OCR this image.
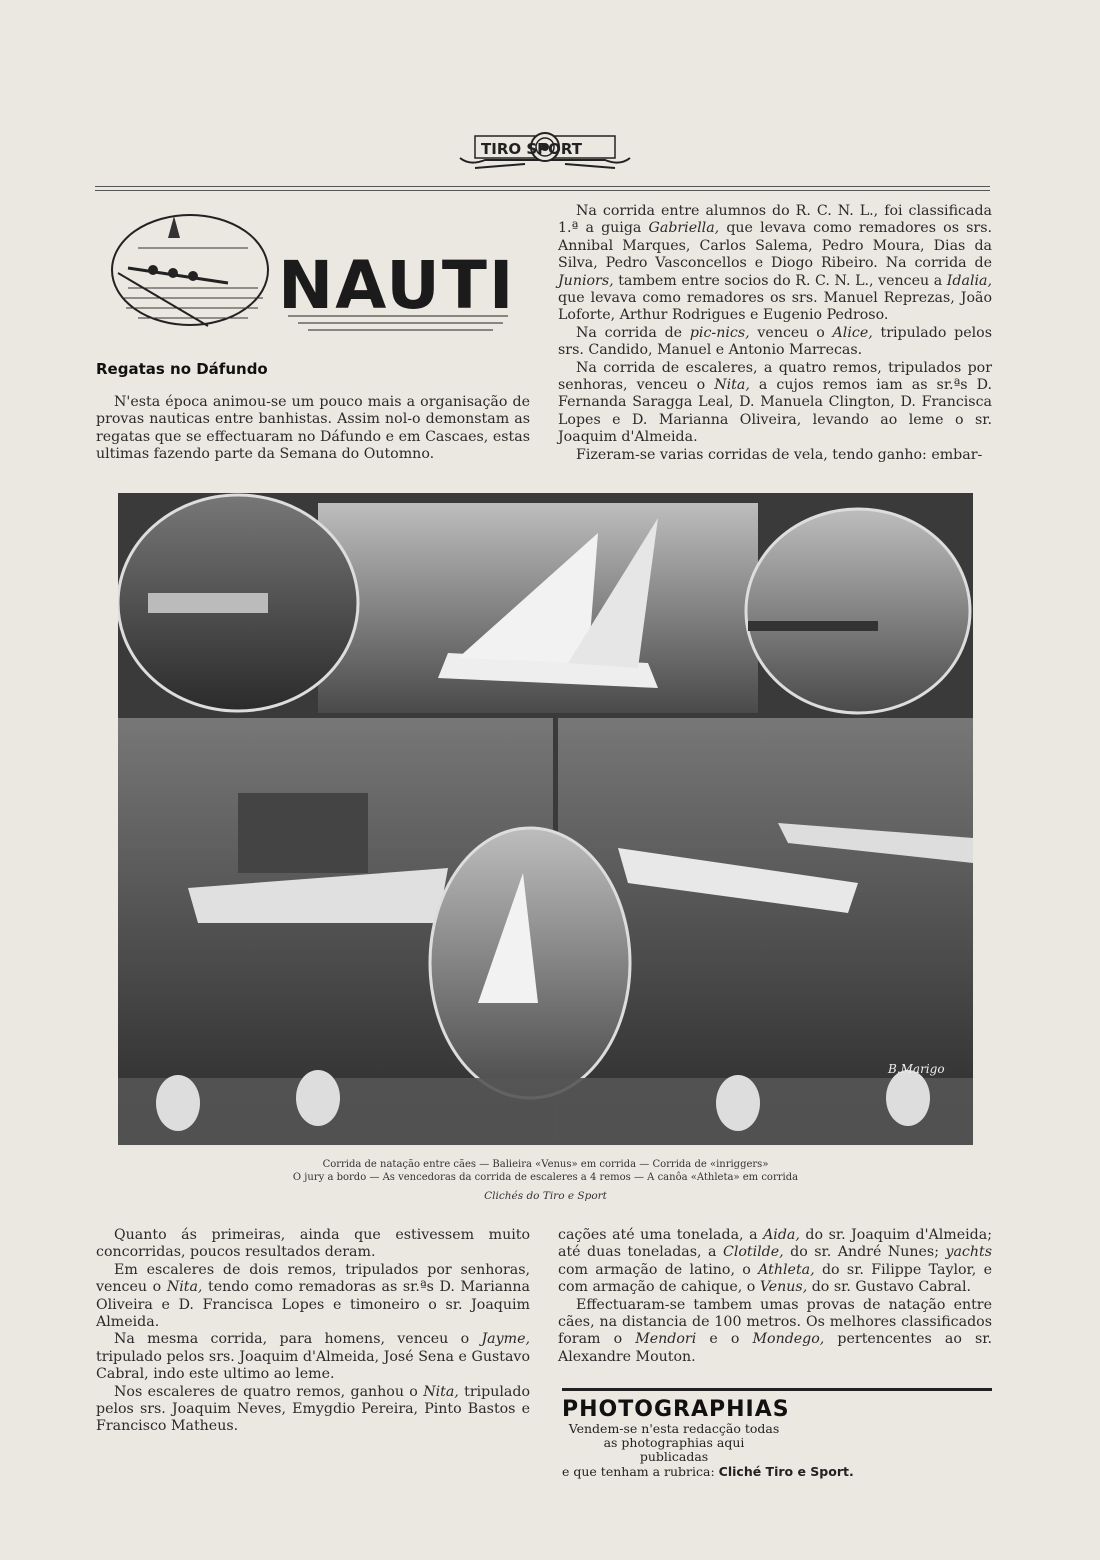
TIRO SPORT
NAUTI
Regatas no Dáfundo

N'esta época animou-se um pouco mais a organisação de provas nauticas entre banhistas. Assim nol-o demonstam as regatas que se effectuaram no Dáfundo e em Cascaes, estas ultimas fazendo parte da Semana do Outomno.

Na corrida entre alumnos do R. C. N. L., foi classificada 1.ª a guiga Gabriella, que levava como remadores os srs. Annibal Marques, Carlos Salema, Pedro Moura, Dias da Silva, Pedro Vasconcellos e Diogo Ribeiro. Na corrida de Juniors, tambem entre socios do R. C. N. L., venceu a Idalia, que levava como remadores os srs. Manuel Reprezas, João Loforte, Arthur Rodrigues e Eugenio Pedroso.

Na corrida de pic-nics, venceu o Alice, tripulado pelos srs. Candido, Manuel e Antonio Marrecas.

Na corrida de escaleres, a quatro remos, tripulados por senhoras, venceu o Nita, a cujos remos iam as sr.ªs D. Fernanda Saragga Leal, D. Manuela Clington, D. Francisca Lopes e D. Marianna Oliveira, levando ao leme o sr. Joaquim d'Almeida.

Fizeram-se varias corridas de vela, tendo ganho: embar-

B.Marigo
Corrida de natação entre cães — Balieira «Venus» em corrida — Corrida de «inriggers»
O jury a bordo — As vencedoras da corrida de escaleres a 4 remos — A canôa «Athleta» em corrida
Clichés do Tiro e Sport

Quanto ás primeiras, ainda que estivessem muito concorridas, poucos resultados deram.

Em escaleres de dois remos, tripulados por senhoras, venceu o Nita, tendo como remadoras as sr.ªs D. Marianna Oliveira e D. Francisca Lopes e timoneiro o sr. Joaquim Almeida.

Na mesma corrida, para homens, venceu o Jayme, tripulado pelos srs. Joaquim d'Almeida, José Sena e Gustavo Cabral, indo este ultimo ao leme.

Nos escaleres de quatro remos, ganhou o Nita, tripulado pelos srs. Joaquim Neves, Emygdio Pereira, Pinto Bastos e Francisco Matheus.

cações até uma tonelada, a Aida, do sr. Joaquim d'Almeida; até duas toneladas, a Clotilde, do sr. André Nunes; yachts com armação de latino, o Athleta, do sr. Filippe Taylor, e com armação de cahique, o Venus, do sr. Gustavo Cabral.

Effectuaram-se tambem umas provas de natação entre cães, na distancia de 100 metros. Os melhores classificados foram o Mendori e o Mondego, pertencentes ao sr. Alexandre Mouton.

PHOTOGRAPHIAS Vendem-se n'esta redacção todas as photographias aqui publicadas
e que tenham a rubrica: Cliché Tiro e Sport.
